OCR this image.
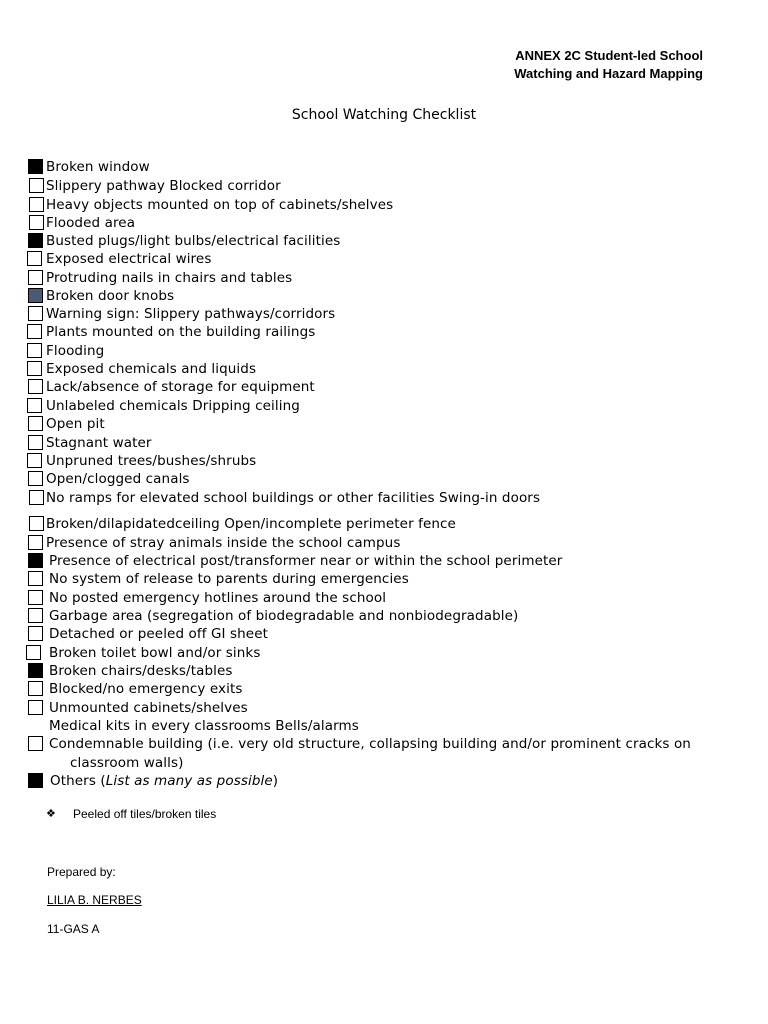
ANNEX 2C Student-led School
Watching and Hazard Mapping
School Watching Checklist
Broken window
Slippery pathway Blocked corridor
Heavy objects mounted on top of cabinets/shelves
Flooded area
Busted plugs/light bulbs/electrical facilities
Exposed electrical wires
Protruding nails in chairs and tables
Broken door knobs
Warning sign: Slippery pathways/corridors
Plants mounted on the building railings
Flooding
Exposed chemicals and liquids
Lack/absence of storage for equipment
Unlabeled chemicals Dripping ceiling
Open pit
Stagnant water
Unpruned trees/bushes/shrubs
Open/clogged canals
No ramps for elevated school buildings or other facilities Swing-in doors
Broken/dilapidatedceiling Open/incomplete perimeter fence
Presence of stray animals inside the school campus
Presence of electrical post/transformer near or within the school perimeter
No system of release to parents during emergencies
No posted emergency hotlines around the school
Garbage area (segregation of biodegradable and nonbiodegradable)
Detached or peeled off GI sheet
Broken toilet bowl and/or sinks
Broken chairs/desks/tables
Blocked/no emergency exits
Unmounted cabinets/shelves
Medical kits in every classrooms Bells/alarms
Condemnable building (i.e. very old structure, collapsing building and/or prominent cracks on
classroom walls)
Others (List as many as possible)
❖ Peeled off tiles/broken tiles
Prepared by:
LILIA B. NERBES
11-GAS A
